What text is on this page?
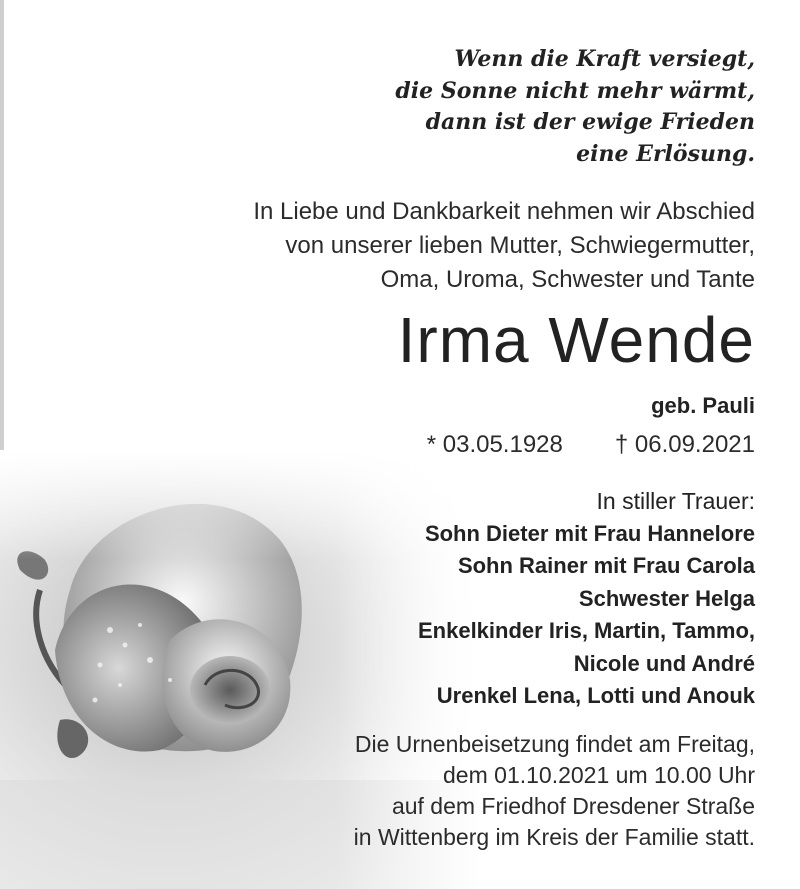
Wenn die Kraft versiegt,
die Sonne nicht mehr wärmt,
dann ist der ewige Frieden
eine Erlösung.
In Liebe und Dankbarkeit nehmen wir Abschied
von unserer lieben Mutter, Schwiegermutter,
Oma, Uroma, Schwester und Tante
Irma Wende
geb. Pauli
* 03.05.1928 † 06.09.2021
In stiller Trauer:
Sohn Dieter mit Frau Hannelore
Sohn Rainer mit Frau Carola
Schwester Helga
Enkelkinder Iris, Martin, Tammo,
Nicole und André
Urenkel Lena, Lotti und Anouk
Die Urnenbeisetzung findet am Freitag,
dem 01.10.2021 um 10.00 Uhr
auf dem Friedhof Dresdener Straße
in Wittenberg im Kreis der Familie statt.
